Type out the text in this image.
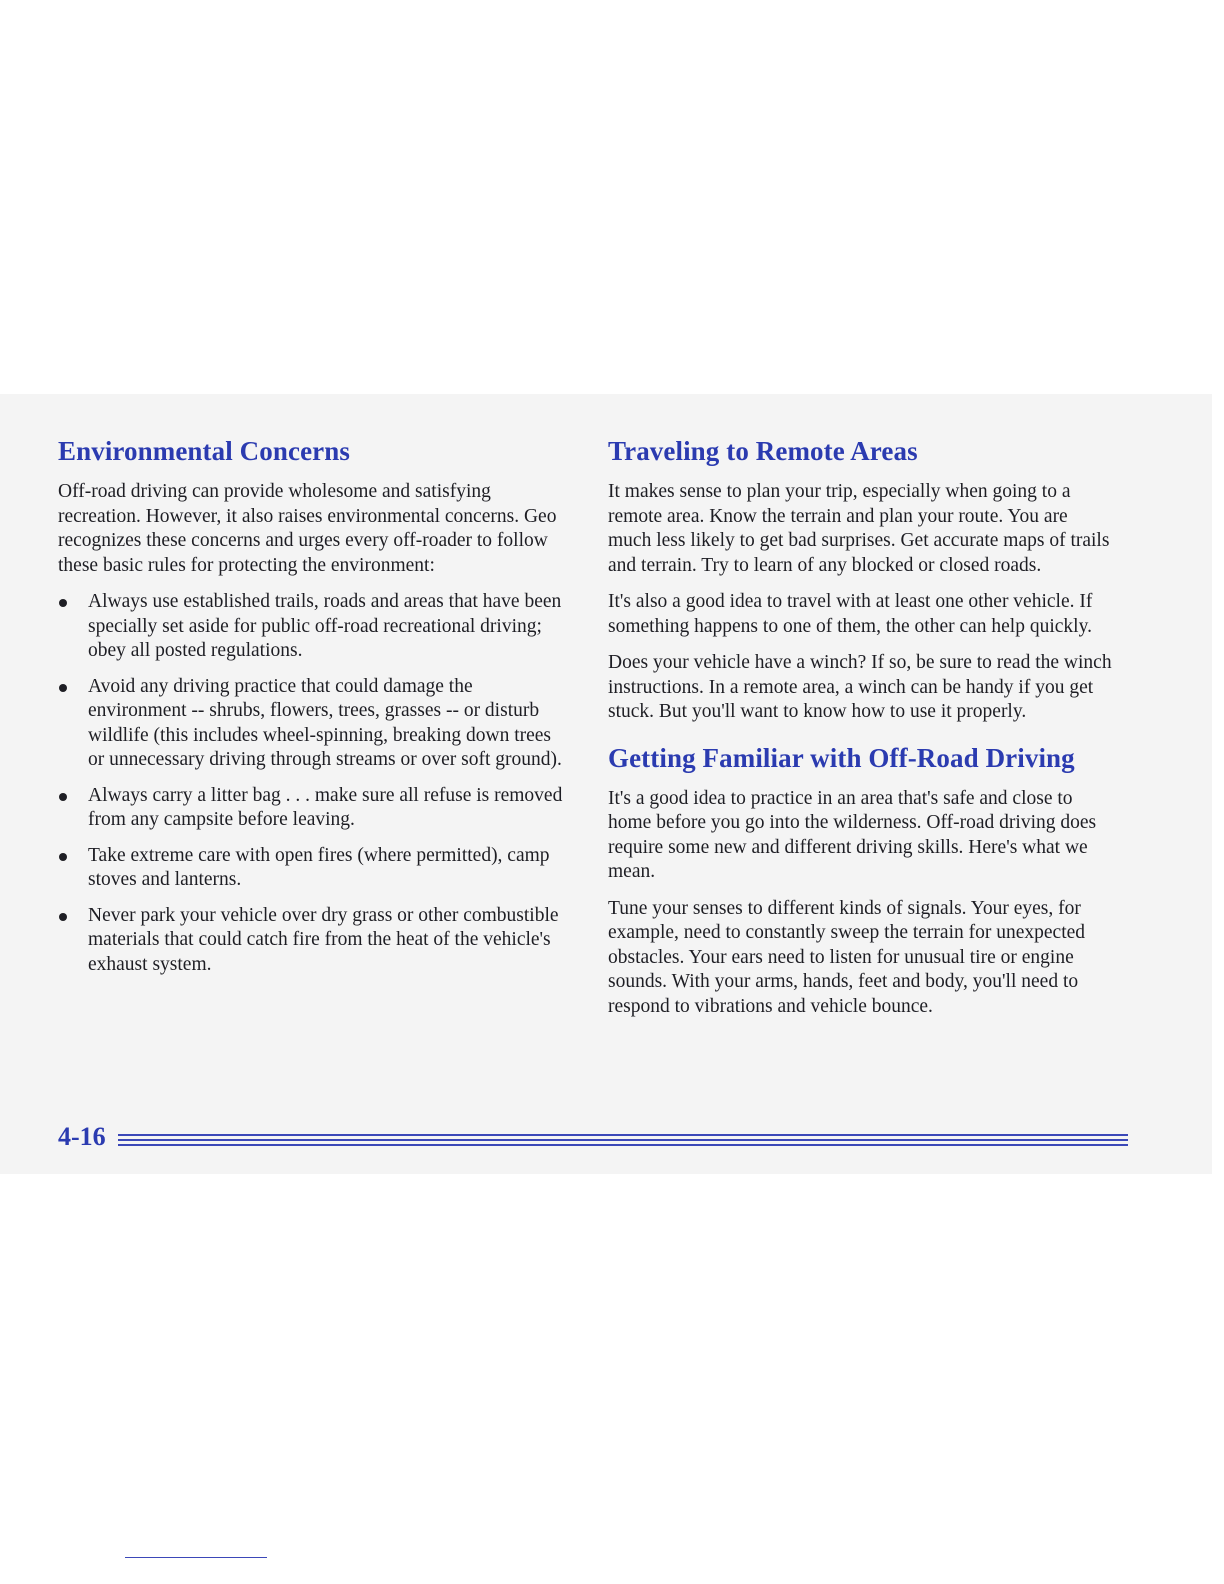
Environmental Concerns

Off-road driving can provide wholesome and satisfying recreation. However, it also raises environmental concerns. Geo recognizes these concerns and urges every off-roader to follow these basic rules for protecting the environment:

Always use established trails, roads and areas that have been specially set aside for public off-road recreational driving; obey all posted regulations.
Avoid any driving practice that could damage the environment -- shrubs, flowers, trees, grasses -- or disturb wildlife (this includes wheel-spinning, breaking down trees or unnecessary driving through streams or over soft ground).
Always carry a litter bag . . . make sure all refuse is removed from any campsite before leaving.
Take extreme care with open fires (where permitted), camp stoves and lanterns.
Never park your vehicle over dry grass or other combustible materials that could catch fire from the heat of the vehicle's exhaust system.
Traveling to Remote Areas

It makes sense to plan your trip, especially when going to a remote area. Know the terrain and plan your route. You are much less likely to get bad surprises. Get accurate maps of trails and terrain. Try to learn of any blocked or closed roads.

It's also a good idea to travel with at least one other vehicle. If something happens to one of them, the other can help quickly.

Does your vehicle have a winch? If so, be sure to read the winch instructions. In a remote area, a winch can be handy if you get stuck. But you'll want to know how to use it properly.

Getting Familiar with Off-Road Driving

It's a good idea to practice in an area that's safe and close to home before you go into the wilderness. Off-road driving does require some new and different driving skills. Here's what we mean.

Tune your senses to different kinds of signals. Your eyes, for example, need to constantly sweep the terrain for unexpected obstacles. Your ears need to listen for unusual tire or engine sounds. With your arms, hands, feet and body, you'll need to respond to vibrations and vehicle bounce.

4-16
